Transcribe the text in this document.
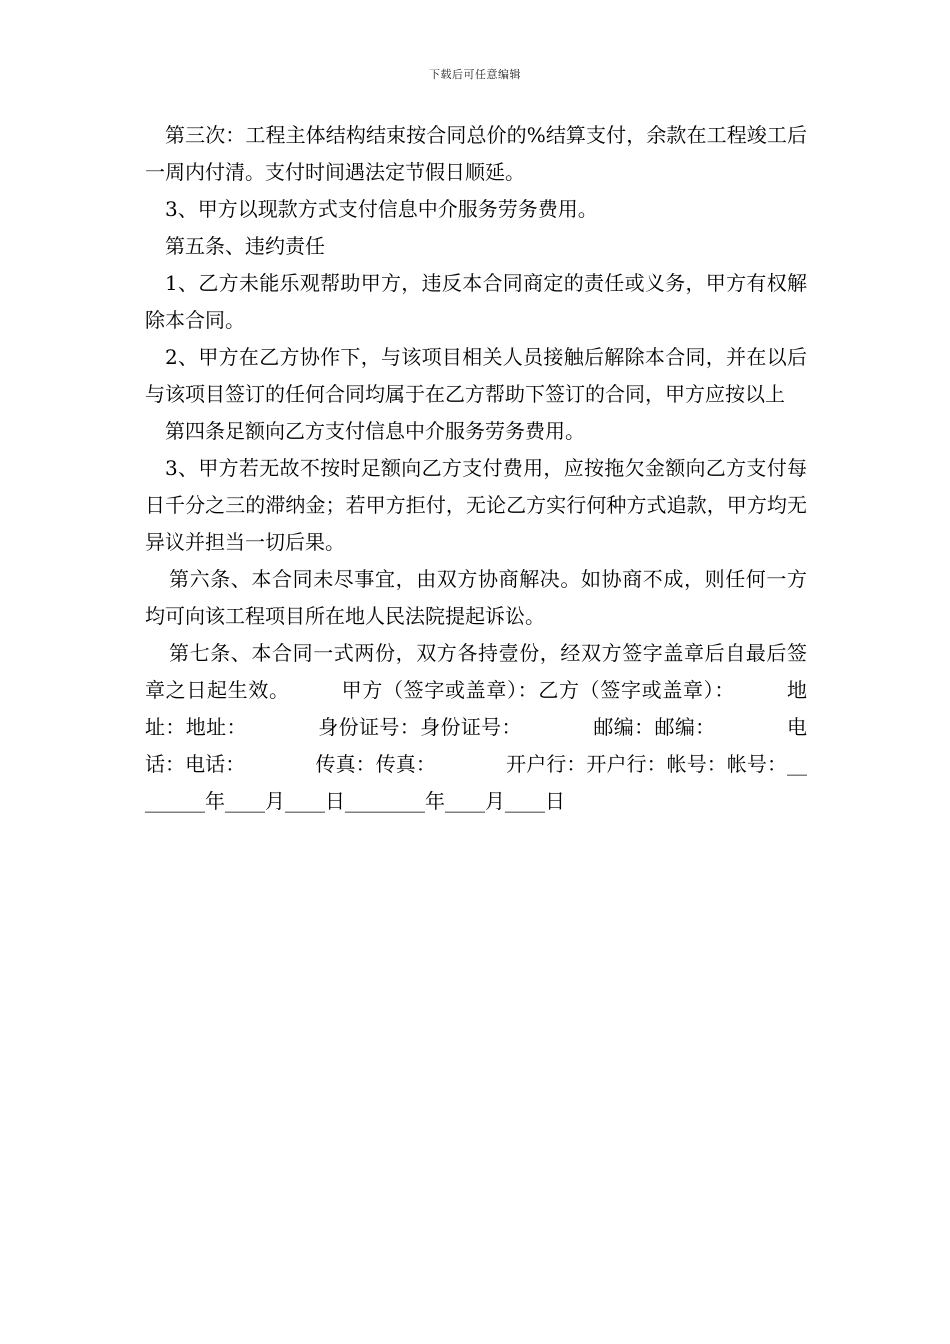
下载后可任意编辑

第三次：工程主体结构结束按合同总价的%结算支付，余款在工程竣工后一周内付清。支付时间遇法定节假日顺延。

3、甲方以现款方式支付信息中介服务劳务费用。

第五条、违约责任

1、乙方未能乐观帮助甲方，违反本合同商定的责任或义务，甲方有权解除本合同。

2、甲方在乙方协作下，与该项目相关人员接触后解除本合同，并在以后与该项目签订的任何合同均属于在乙方帮助下签订的合同，甲方应按以上

第四条足额向乙方支付信息中介服务劳务费用。

3、甲方若无故不按时足额向乙方支付费用，应按拖欠金额向乙方支付每日千分之三的滞纳金；若甲方拒付，无论乙方实行何种方式追款，甲方均无异议并担当一切后果。

第六条、本合同未尽事宜，由双方协商解决。如协商不成，则任何一方均可向该工程项目所在地人民法院提起诉讼。

第七条、本合同一式两份，双方各持壹份，经双方签字盖章后自最后签章之日起生效。　　　甲方（签字或盖章）：乙方（签字或盖章）：　　　地址：地址：　　　　身份证号：身份证号：　　　　邮编：邮编：　　　　电话：电话：　　　　传真：传真：　　　　开户行：开户行：帐号：帐号：________年____月____日________年____月____日
